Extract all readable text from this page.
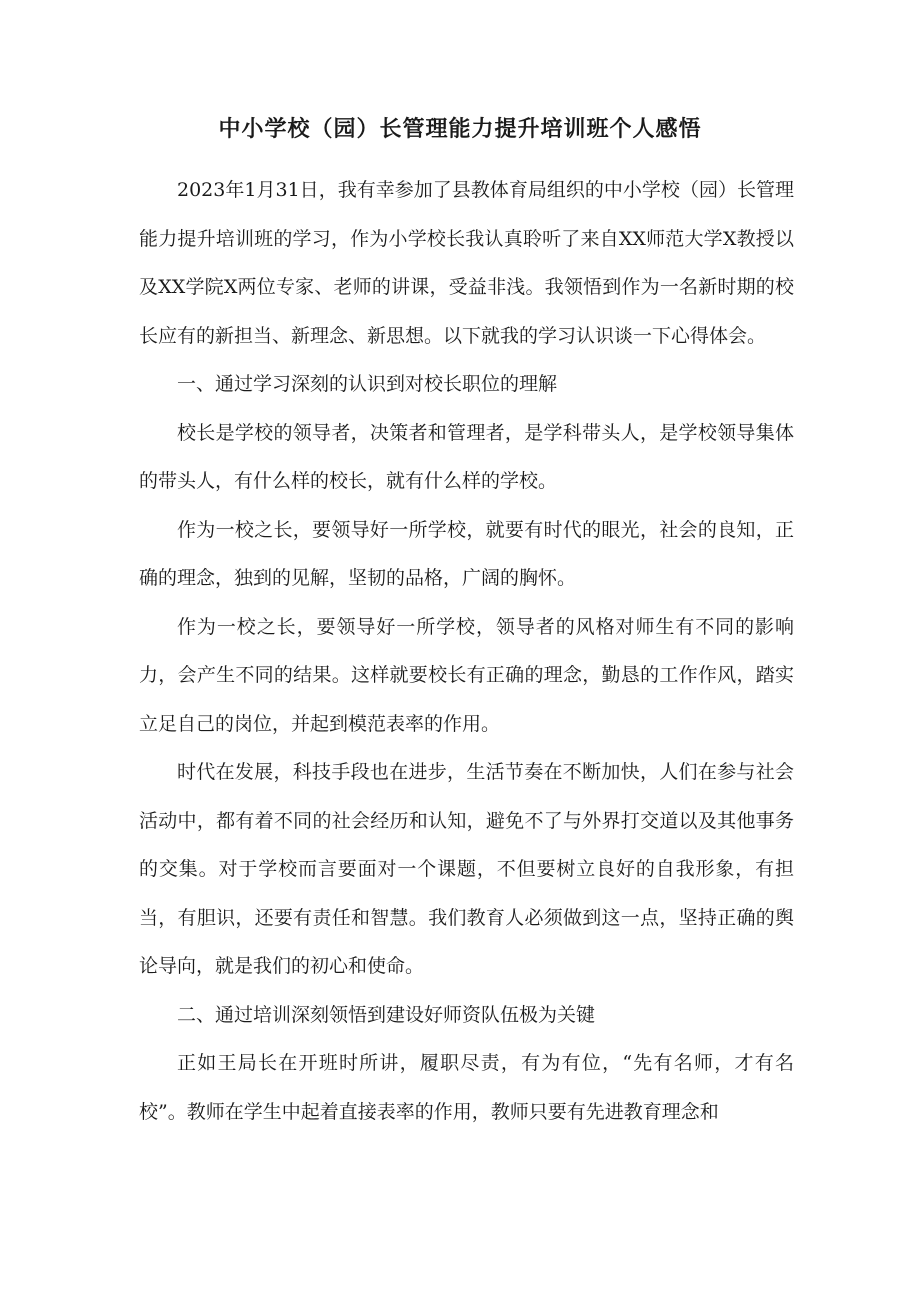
中小学校（园）长管理能力提升培训班个人感悟

2023年1月31日，我有幸参加了县教体育局组织的中小学校（园）长管理能力提升培训班的学习，作为小学校长我认真聆听了来自XX师范大学X教授以及XX学院X两位专家、老师的讲课，受益非浅。我领悟到作为一名新时期的校长应有的新担当、新理念、新思想。以下就我的学习认识谈一下心得体会。

一、通过学习深刻的认识到对校长职位的理解

校长是学校的领导者，决策者和管理者，是学科带头人，是学校领导集体的带头人，有什么样的校长，就有什么样的学校。

作为一校之长，要领导好一所学校，就要有时代的眼光，社会的良知，正确的理念，独到的见解，坚韧的品格，广阔的胸怀。

作为一校之长，要领导好一所学校，领导者的风格对师生有不同的影响力，会产生不同的结果。这样就要校长有正确的理念，勤恳的工作作风，踏实立足自己的岗位，并起到模范表率的作用。

时代在发展，科技手段也在进步，生活节奏在不断加快，人们在参与社会活动中，都有着不同的社会经历和认知，避免不了与外界打交道以及其他事务的交集。对于学校而言要面对一个课题，不但要树立良好的自我形象，有担当，有胆识，还要有责任和智慧。我们教育人必须做到这一点，坚持正确的舆论导向，就是我们的初心和使命。

二、通过培训深刻领悟到建设好师资队伍极为关键

正如王局长在开班时所讲，履职尽责，有为有位，“先有名师，才有名校”。教师在学生中起着直接表率的作用，教师只要有先进教育理念和
